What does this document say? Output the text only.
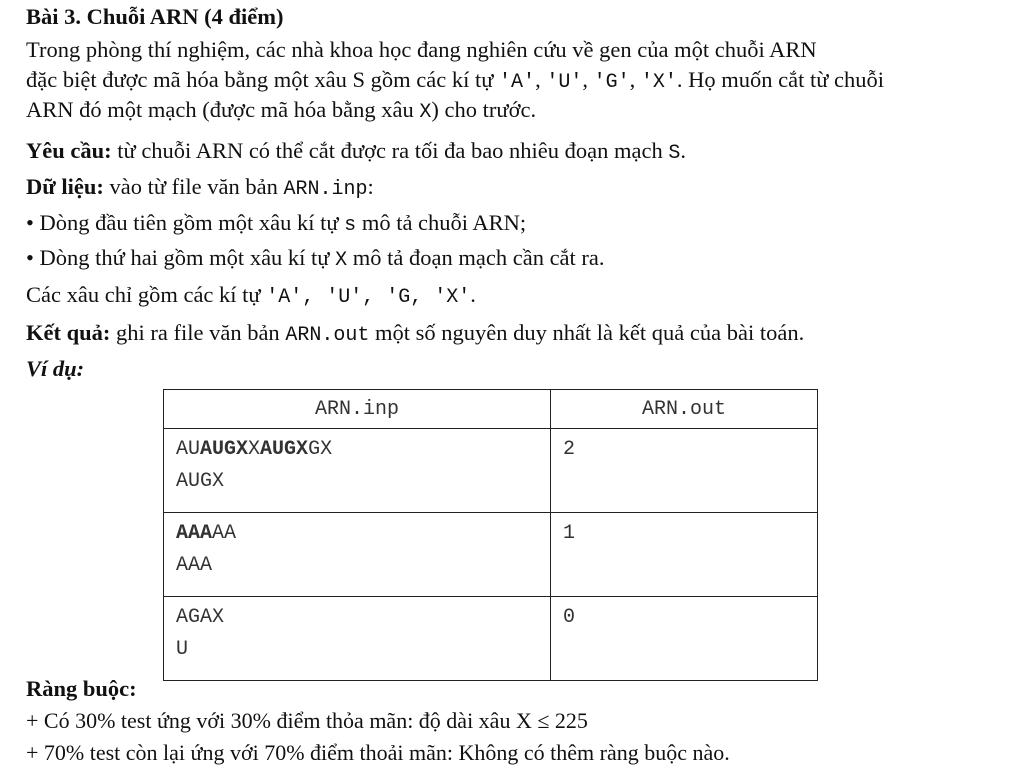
Bài 3. Chuỗi ARN (4 điểm)
Trong phòng thí nghiệm, các nhà khoa học đang nghiên cứu về gen của một chuỗi ARN
đặc biệt được mã hóa bằng một xâu S gồm các kí tự 'A', 'U', 'G', 'X'. Họ muốn cắt từ chuỗi
ARN đó một mạch (được mã hóa bằng xâu X) cho trước.
Yêu cầu: từ chuỗi ARN có thể cắt được ra tối đa bao nhiêu đoạn mạch S.
Dữ liệu: vào từ file văn bản ARN.inp:
• Dòng đầu tiên gồm một xâu kí tự s mô tả chuỗi ARN;
• Dòng thứ hai gồm một xâu kí tự X mô tả đoạn mạch cần cắt ra.
Các xâu chỉ gồm các kí tự 'A', 'U', 'G, 'X'.
Kết quả: ghi ra file văn bản ARN.out một số nguyên duy nhất là kết quả của bài toán.
Ví dụ:
Ràng buộc:
+ Có 30% test ứng với 30% điểm thỏa mãn: độ dài xâu X ≤ 225
+ 70% test còn lại ứng với 70% điểm thoải mãn: Không có thêm ràng buộc nào.
ARN.inp	ARN.out

AUAUGXXAUGXGX
AUGX	2

AAAAA
AAA	1

AGAX
U	0
